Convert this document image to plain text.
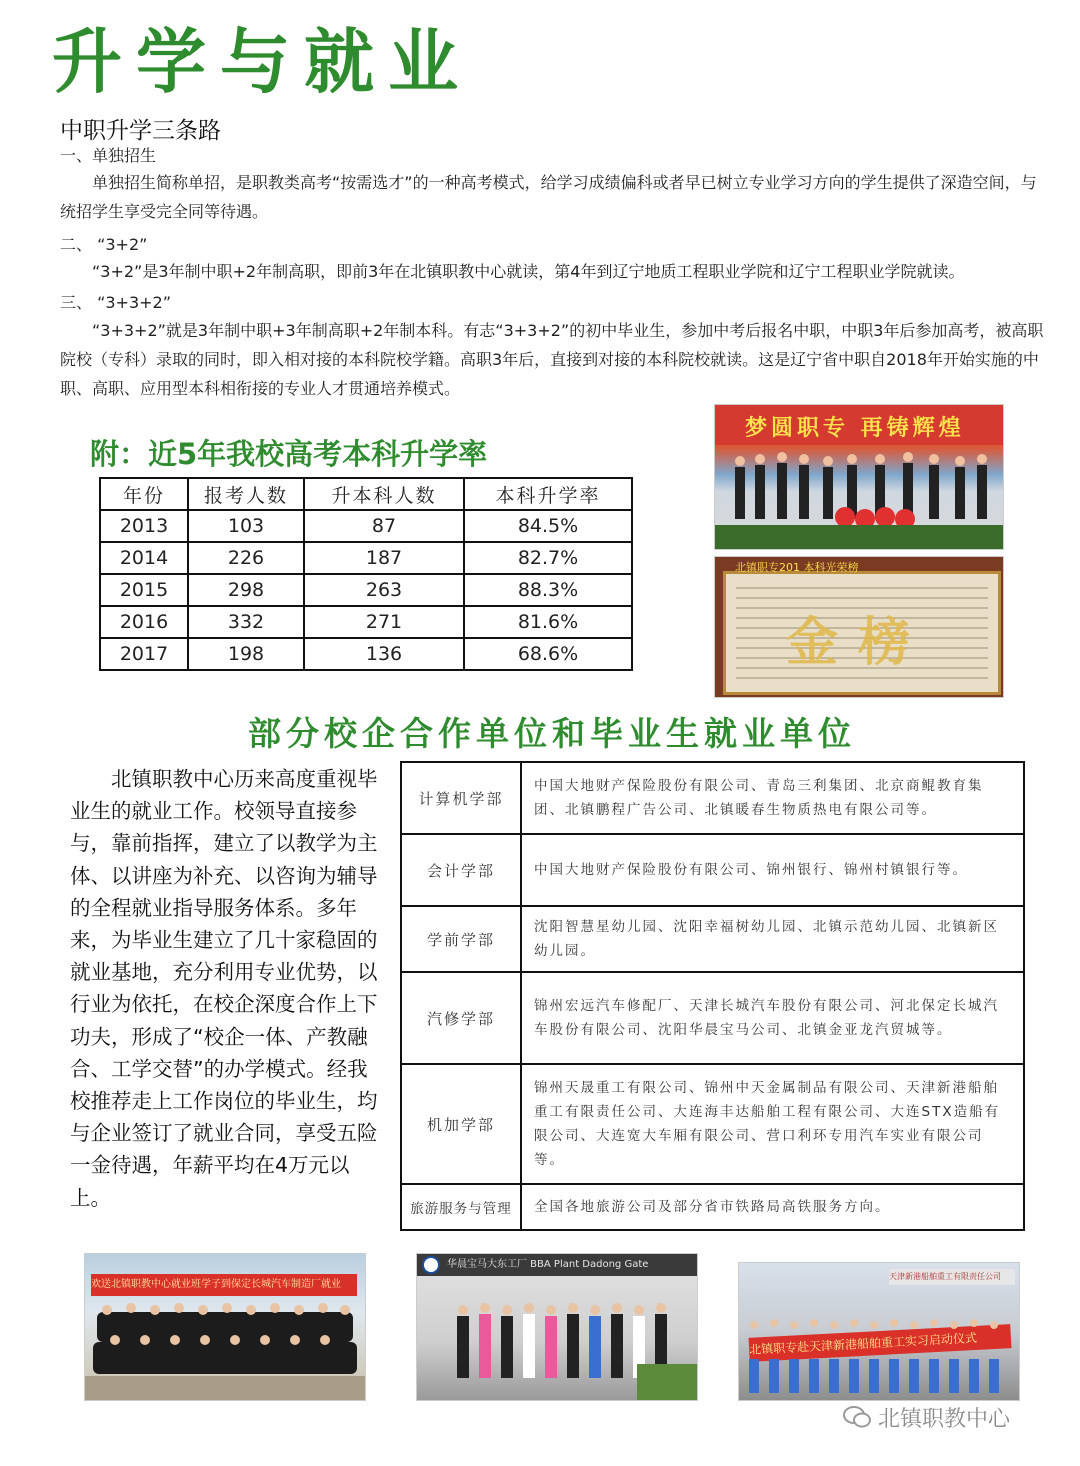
升学与就业
中职升学三条路
一、单独招生
单独招生简称单招，是职教类高考“按需选才”的一种高考模式，给学习成绩偏科或者早已树立专业学习方向的学生提供了深造空间，与统招学生享受完全同等待遇。
二、 “3+2”
“3+2”是3年制中职+2年制高职，即前3年在北镇职教中心就读，第4年到辽宁地质工程职业学院和辽宁工程职业学院就读。
三、 “3+3+2”
“3+3+2”就是3年制中职+3年制高职+2年制本科。有志“3+3+2”的初中毕业生，参加中考后报名中职，中职3年后参加高考，被高职院校（专科）录取的同时，即入相对接的本科院校学籍。高职3年后，直接到对接的本科院校就读。这是辽宁省中职自2018年开始实施的中职、高职、应用型本科相衔接的专业人才贯通培养模式。
附：近5年我校高考本科升学率
年份	报考人数	升本科人数	本科升学率
2013	103	87	84.5%
2014	226	187	82.7%
2015	298	263	88.3%
2016	332	271	81.6%
2017	198	136	68.6%
梦圆职专 再铸辉煌
金榜
北镇职专201 本科光荣榜
部分校企合作单位和毕业生就业单位
北镇职教中心历来高度重视毕业生的就业工作。校领导直接参与，靠前指挥，建立了以教学为主体、以讲座为补充、以咨询为辅导的全程就业指导服务体系。多年来，为毕业生建立了几十家稳固的就业基地，充分利用专业优势，以行业为依托，在校企深度合作上下功夫，形成了“校企一体、产教融合、工学交替”的办学模式。经我校推荐走上工作岗位的毕业生，均与企业签订了就业合同，享受五险一金待遇，年薪平均在4万元以上。
计算机学部	中国大地财产保险股份有限公司、青岛三利集团、北京商鲲教育集团、北镇鹏程广告公司、北镇暖春生物质热电有限公司等。
会计学部	中国大地财产保险股份有限公司、锦州银行、锦州村镇银行等。
学前学部	沈阳智慧星幼儿园、沈阳幸福树幼儿园、北镇示范幼儿园、北镇新区幼儿园。
汽修学部	锦州宏远汽车修配厂、天津长城汽车股份有限公司、河北保定长城汽车股份有限公司、沈阳华晨宝马公司、北镇金亚龙汽贸城等。
机加学部	锦州天晟重工有限公司、锦州中天金属制品有限公司、天津新港船舶重工有限责任公司、大连海丰达船舶工程有限公司、大连STX造船有限公司、大连宽大车厢有限公司、营口利环专用汽车实业有限公司等。
旅游服务与管理	全国各地旅游公司及部分省市铁路局高铁服务方向。
欢送北镇职教中心就业班学子到保定长城汽车制造厂就业
华晨宝马大东工厂 BBA Plant Dadong Gate
天津新港船舶重工有限责任公司
北镇职专赴天津新港船舶重工实习启动仪式
北镇职教中心
